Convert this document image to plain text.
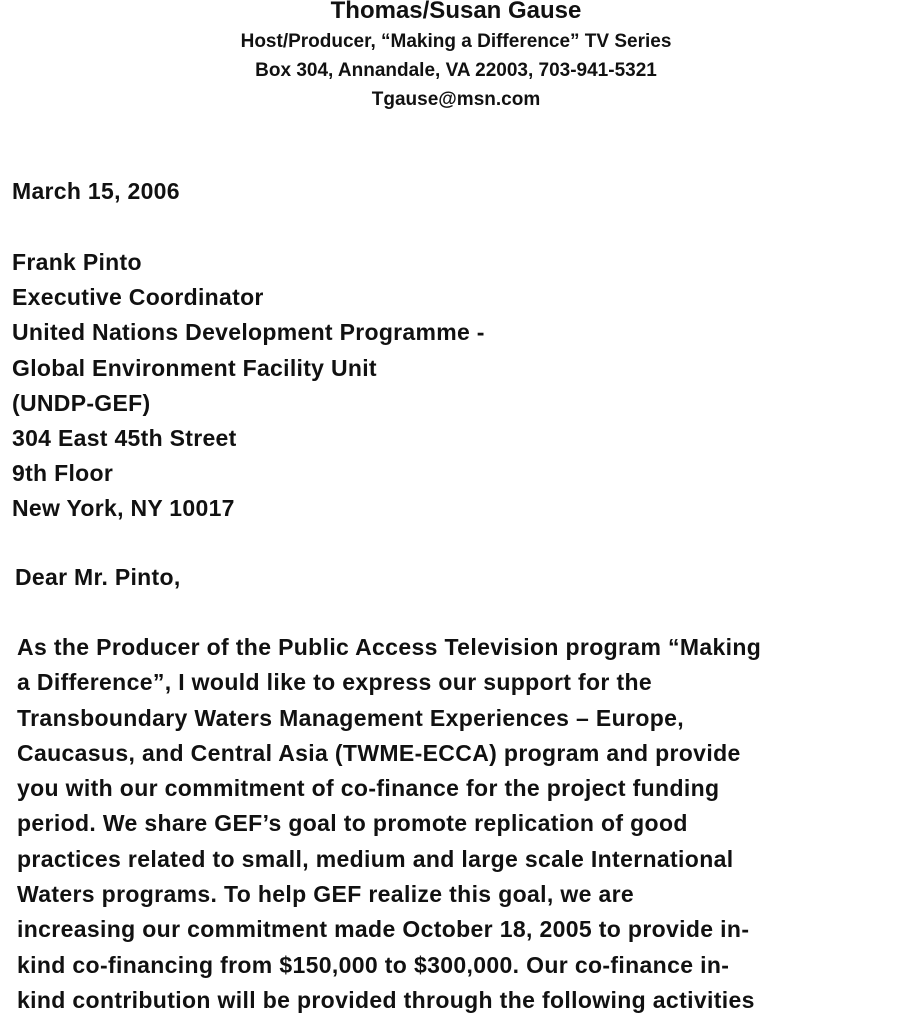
Thomas/Susan Gause
Host/Producer, “Making a Difference” TV Series
Box 304, Annandale, VA 22003, 703-941-5321
Tgause@msn.com
March 15, 2006
Frank Pinto
Executive Coordinator
United Nations Development Programme -
Global Environment Facility Unit
(UNDP-GEF)
304 East 45th Street
9th Floor
New York, NY 10017
Dear Mr. Pinto,
As the Producer of the Public Access Television program “Making
a Difference”, I would like to express our support for the
Transboundary Waters Management Experiences – Europe,
Caucasus, and Central Asia (TWME-ECCA) program and provide
you with our commitment of co-finance for the project funding
period. We share GEF’s goal to promote replication of good
practices related to small, medium and large scale International
Waters programs. To help GEF realize this goal, we are
increasing our commitment made October 18, 2005 to provide in-
kind co-financing from $150,000 to $300,000. Our co-finance in-
kind contribution will be provided through the following activities
